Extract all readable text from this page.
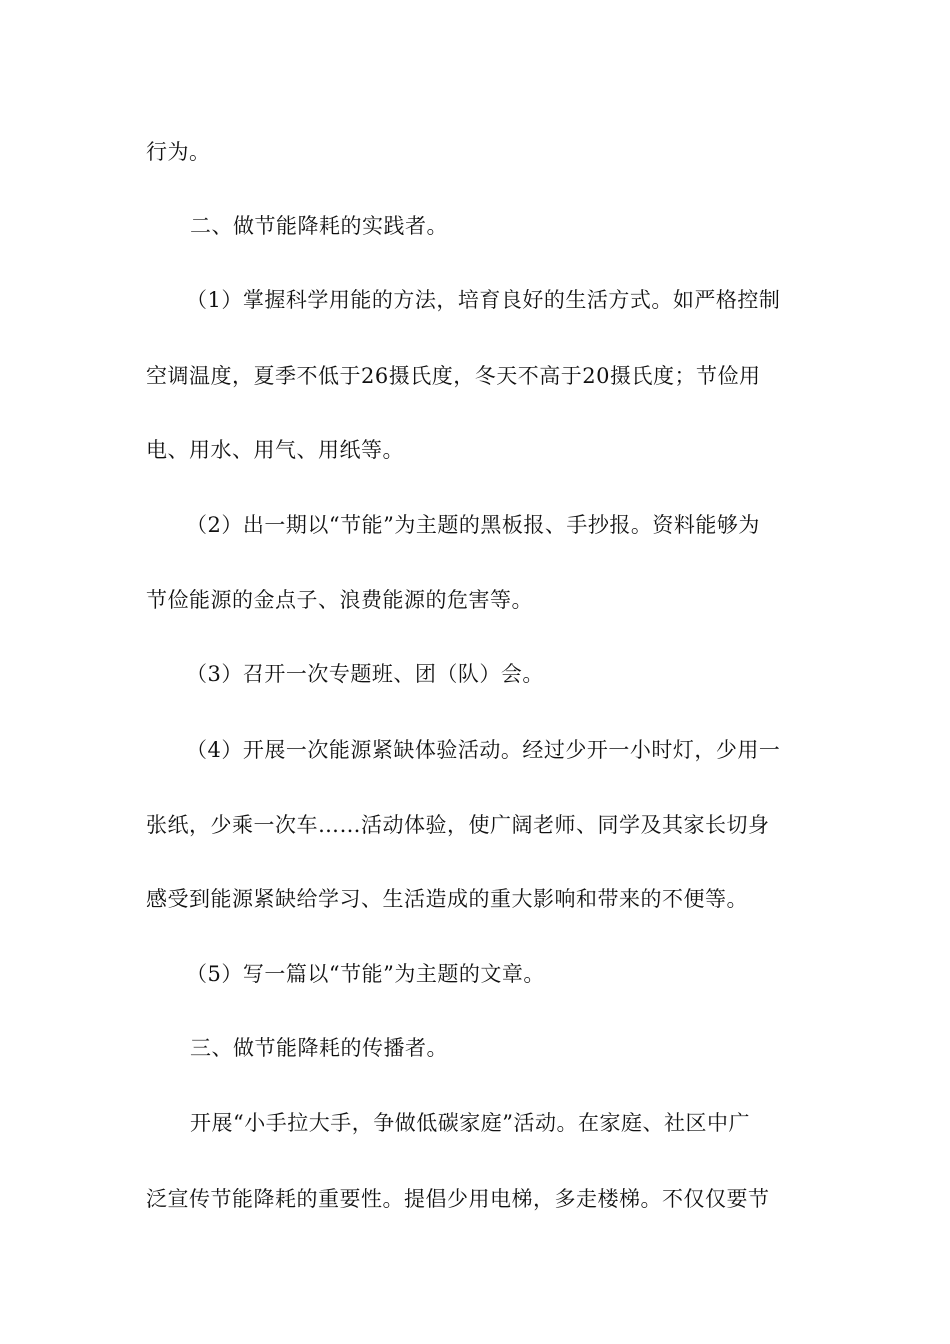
行为。
二、做节能降耗的实践者。
（1）掌握科学用能的方法，培育良好的生活方式。如严格控制
空调温度，夏季不低于26摄氏度，冬天不高于20摄氏度；节俭用
电、用水、用气、用纸等。
（2）出一期以“节能”为主题的黑板报、手抄报。资料能够为
节俭能源的金点子、浪费能源的危害等。
（3）召开一次专题班、团（队）会。
（4）开展一次能源紧缺体验活动。经过少开一小时灯，少用一
张纸，少乘一次车……活动体验，使广阔老师、同学及其家长切身
感受到能源紧缺给学习、生活造成的重大影响和带来的不便等。
（5）写一篇以“节能”为主题的文章。
三、做节能降耗的传播者。
开展“小手拉大手，争做低碳家庭”活动。在家庭、社区中广
泛宣传节能降耗的重要性。提倡少用电梯，多走楼梯。不仅仅要节
